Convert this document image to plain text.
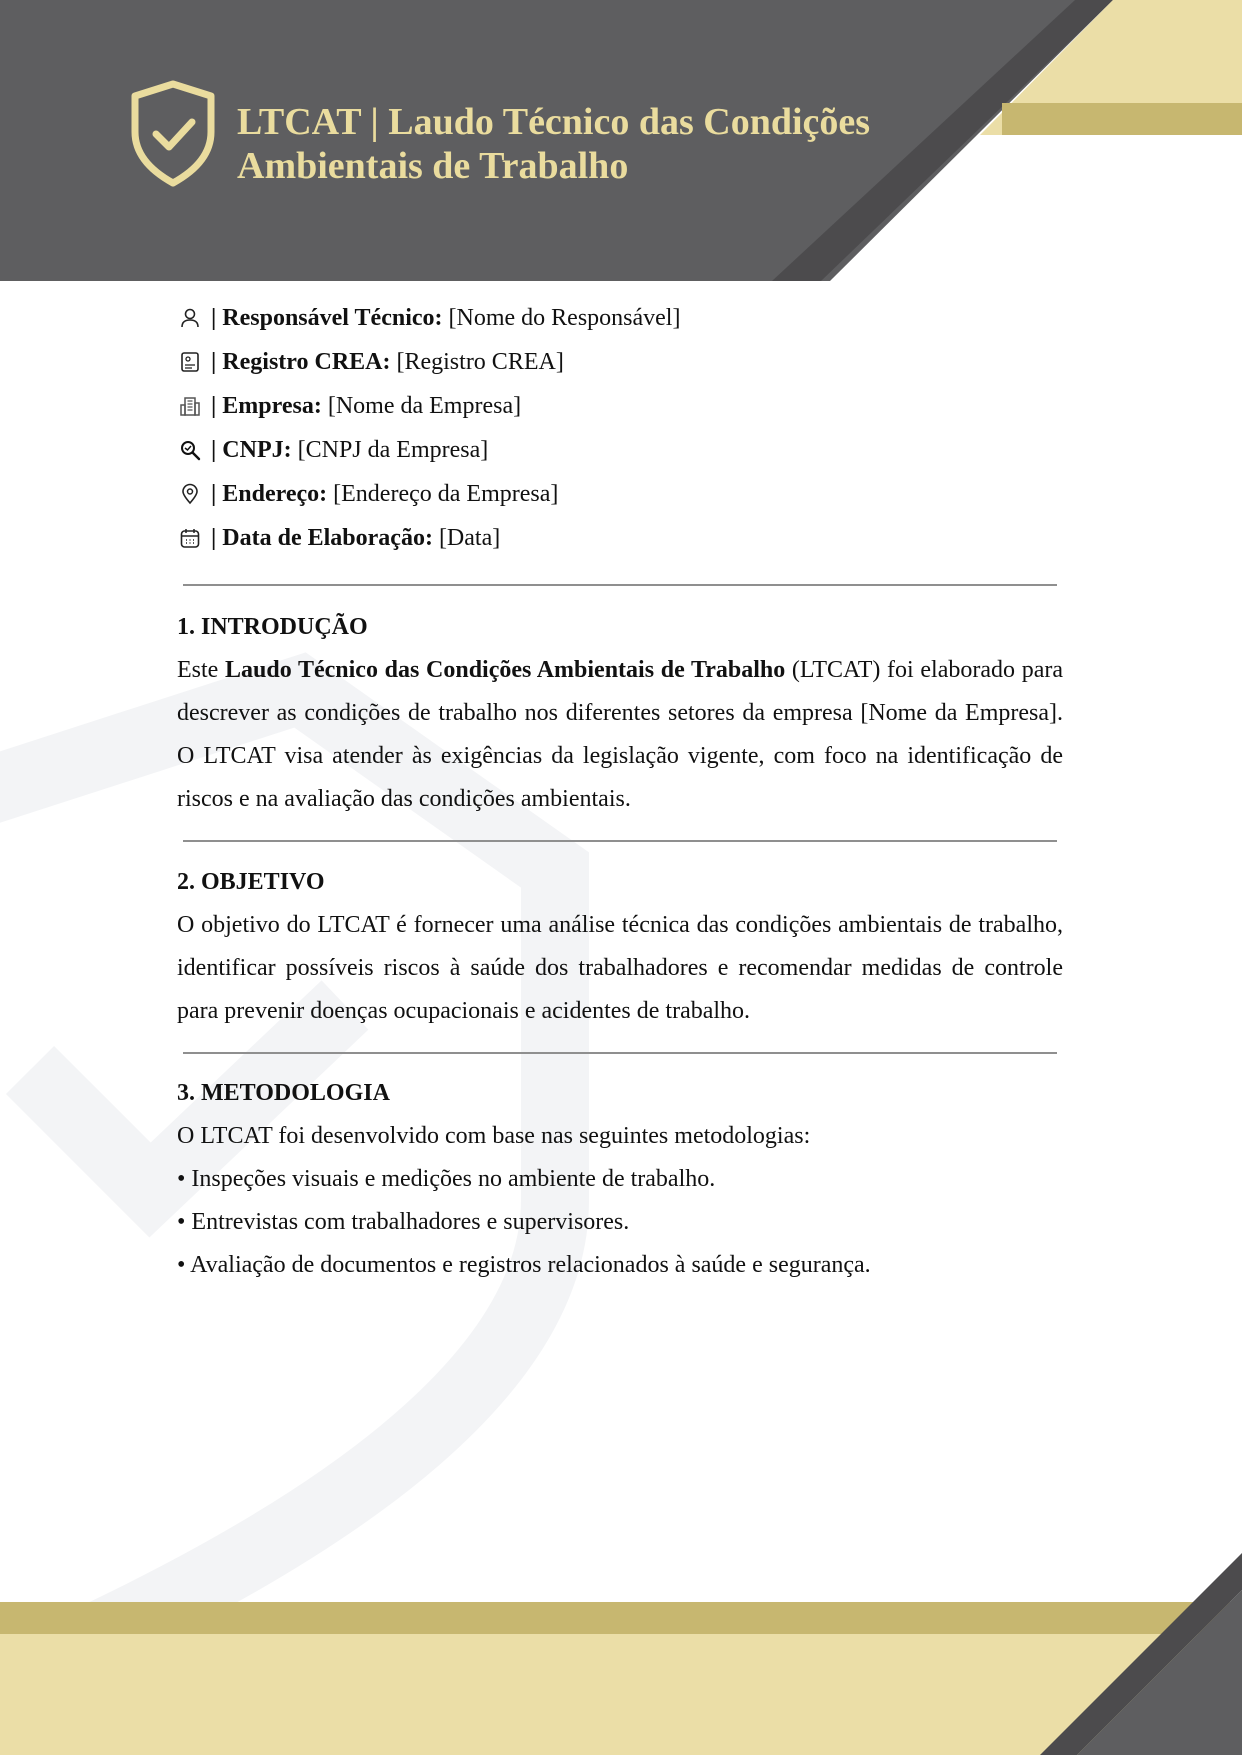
LTCAT | Laudo Técnico das Condições
Ambientais de Trabalho
| Responsável Técnico: [Nome do Responsável]
| Registro CREA: [Registro CREA]
| Empresa: [Nome da Empresa]
| CNPJ: [CNPJ da Empresa]
| Endereço: [Endereço da Empresa]
| Data de Elaboração: [Data]
1. INTRODUÇÃO
Este Laudo Técnico das Condições Ambientais de Trabalho (LTCAT) foi elaborado para descrever as condições de trabalho nos diferentes setores da empresa [Nome da Empresa]. O LTCAT visa atender às exigências da legislação vigente, com foco na identificação de riscos e na avaliação das condições ambientais.
2. OBJETIVO
O objetivo do LTCAT é fornecer uma análise técnica das condições ambientais de trabalho, identificar possíveis riscos à saúde dos trabalhadores e recomendar medidas de controle para prevenir doenças ocupacionais e acidentes de trabalho.
3. METODOLOGIA
O LTCAT foi desenvolvido com base nas seguintes metodologias:
• Inspeções visuais e medições no ambiente de trabalho.
• Entrevistas com trabalhadores e supervisores.
• Avaliação de documentos e registros relacionados à saúde e segurança.
